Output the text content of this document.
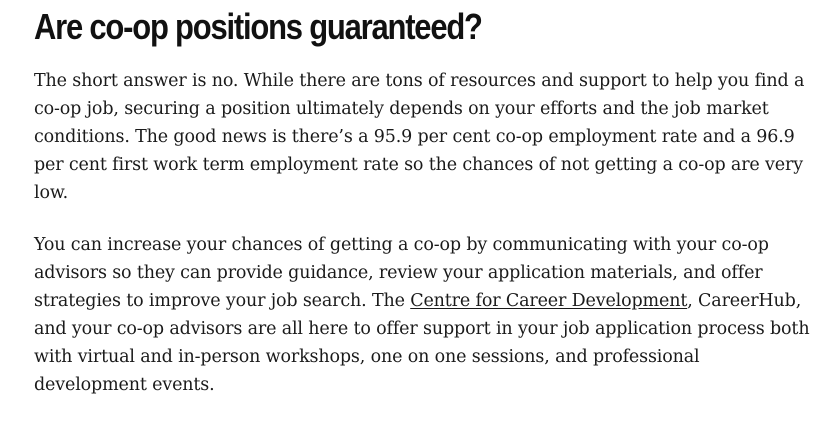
Are co-op positions guaranteed?

The short answer is no. While there are tons of resources and support to help you find a co-op job, securing a position ultimately depends on your efforts and the job market conditions. The good news is there’s a 95.9 per cent co-op employment rate and a 96.9 per cent first work term employment rate so the chances of not getting a co-op are very low.

You can increase your chances of getting a co-op by communicating with your co-op advisors so they can provide guidance, review your application materials, and offer strategies to improve your job search. The Centre for Career Development, CareerHub, and your co-op advisors are all here to offer support in your job application process both with virtual and in-person workshops, one on one sessions, and professional development events.
